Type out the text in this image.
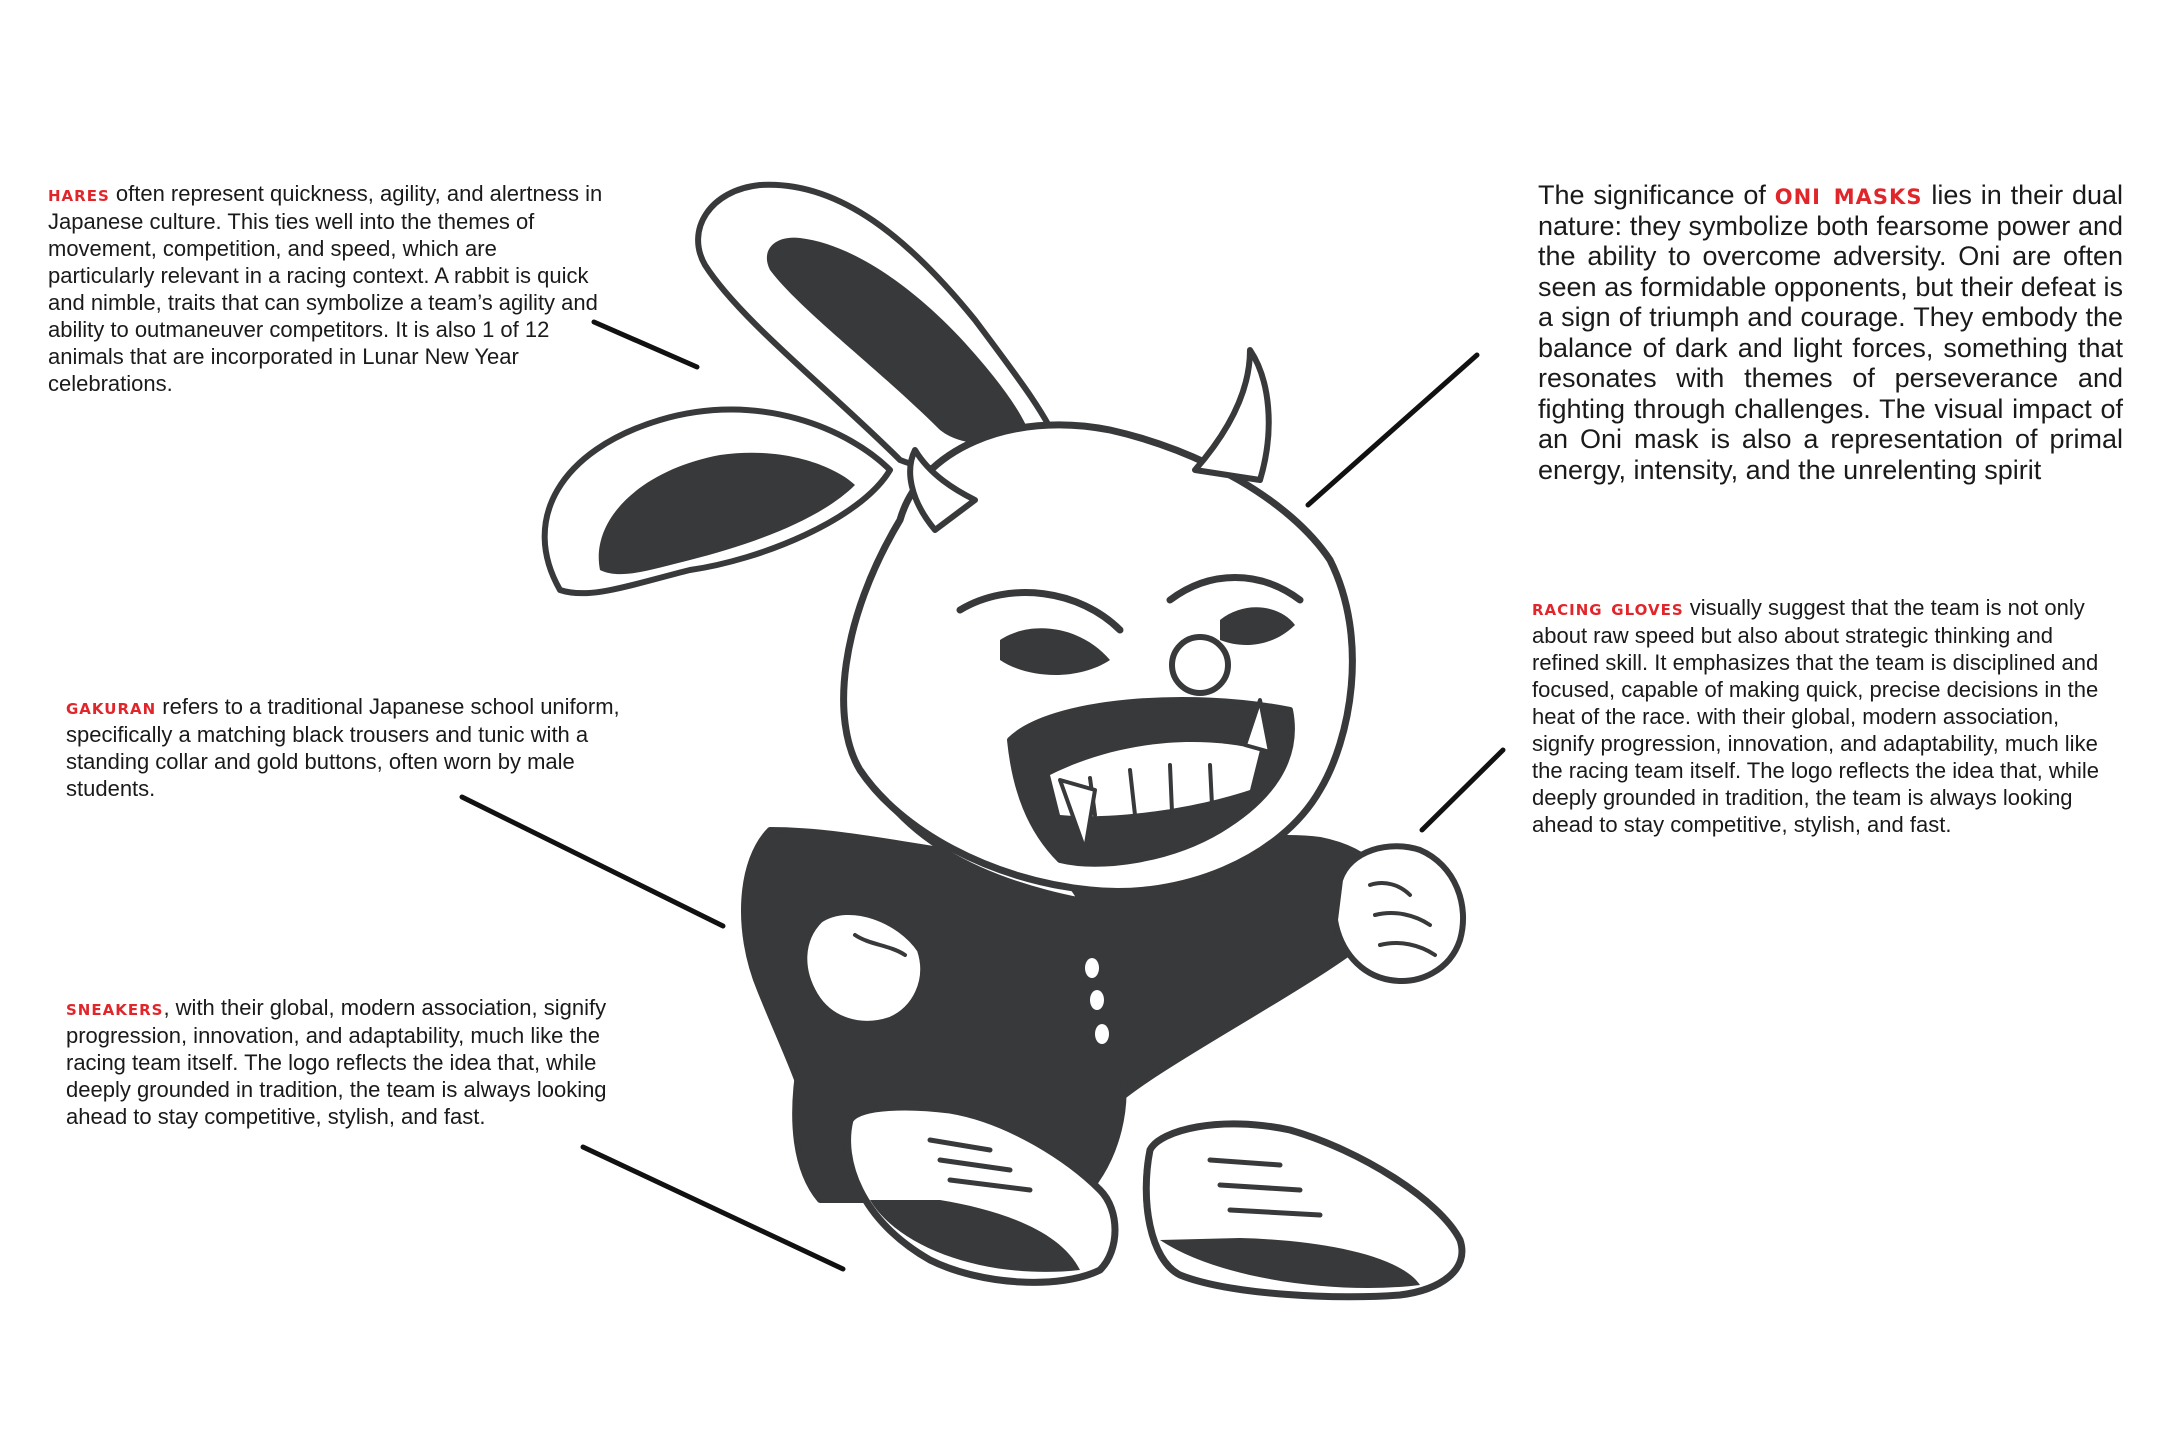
hares often represent quickness, agility, and alertness in Japanese culture. This ties well into the themes of movement, competition, and speed, which are particularly relevant in a racing context. A rabbit is quick and nimble, traits that can symbolize a team’s agility and ability to outmaneuver competitors. It is also 1 of 12 animals that are incorporated in Lunar New Year celebrations.

The significance of oni masks lies in their dual nature: they symbolize both fearsome power and the ability to overcome adversity. Oni are often seen as formidable opponents, but their defeat is a sign of triumph and courage. They embody the balance of dark and light forces, something that resonates with themes of perseverance and fighting through challenges. The visual impact of an Oni mask is also a representation of primal energy, intensity, and the unrelenting spirit

racing gloves visually suggest that the team is not only about raw speed but also about strategic thinking and refined skill. It emphasizes that the team is disciplined and focused, capable of making quick, precise decisions in the heat of the race. with their global, modern association, signify progression, innovation, and adaptability, much like the racing team itself. The logo reflects the idea that, while deeply grounded in tradition, the team is always looking ahead to stay competitive, stylish, and fast.

gakuran refers to a traditional Japanese school uniform, specifically a matching black trousers and tunic with a standing collar and gold buttons, often worn by male students.

sneakers, with their global, modern association, signify progression, innovation, and adaptability, much like the racing team itself. The logo reflects the idea that, while deeply grounded in tradition, the team is always looking ahead to stay competitive, stylish, and fast.
